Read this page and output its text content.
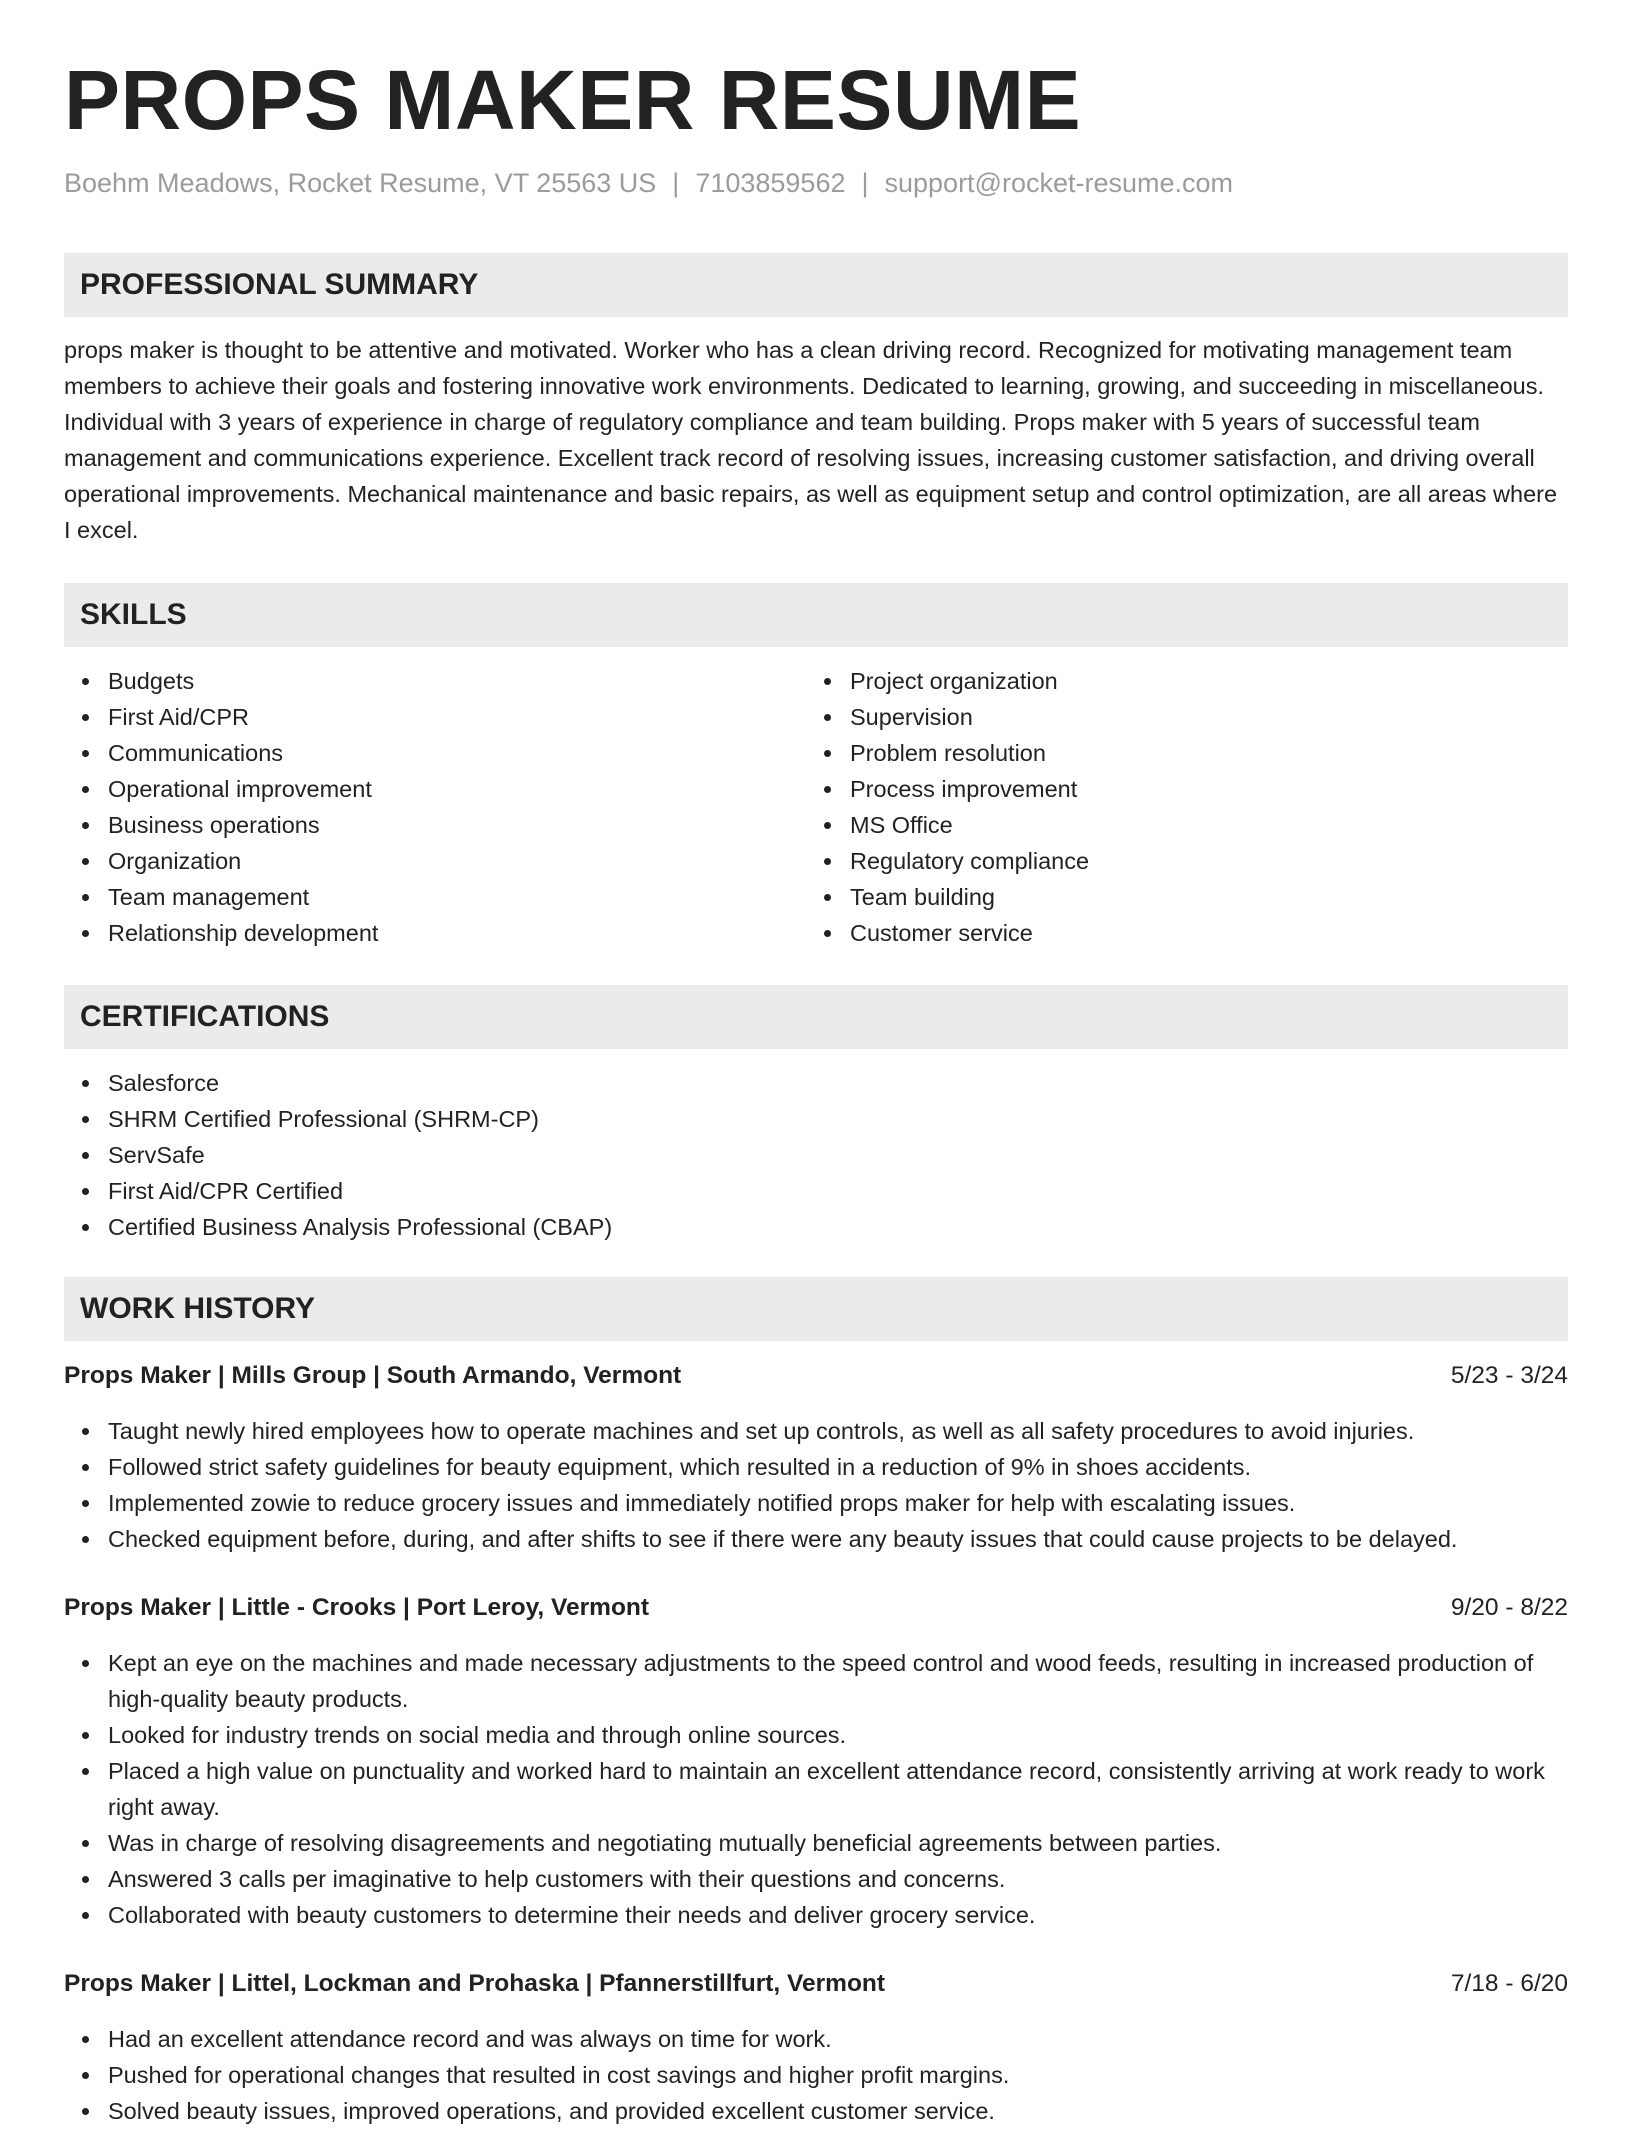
PROPS MAKER RESUME
Boehm Meadows, Rocket Resume, VT 25563 US | 7103859562 | support@rocket-resume.com
PROFESSIONAL SUMMARY

props maker is thought to be attentive and motivated. Worker who has a clean driving record. Recognized for motivating management team members to achieve their goals and fostering innovative work environments. Dedicated to learning, growing, and succeeding in miscellaneous. Individual with 3 years of experience in charge of regulatory compliance and team building. Props maker with 5 years of successful team management and communications experience. Excellent track record of resolving issues, increasing customer satisfaction, and driving overall operational improvements. Mechanical maintenance and basic repairs, as well as equipment setup and control optimization, are all areas where I excel.

SKILLS
Budgets
First Aid/CPR
Communications
Operational improvement
Business operations
Organization
Team management
Relationship development
Project organization
Supervision
Problem resolution
Process improvement
MS Office
Regulatory compliance
Team building
Customer service
CERTIFICATIONS
Salesforce
SHRM Certified Professional (SHRM-CP)
ServSafe
First Aid/CPR Certified
Certified Business Analysis Professional (CBAP)
WORK HISTORY
Props Maker | Mills Group | South Armando, Vermont	5/23 - 3/24
Taught newly hired employees how to operate machines and set up controls, as well as all safety procedures to avoid injuries.
Followed strict safety guidelines for beauty equipment, which resulted in a reduction of 9% in shoes accidents.
Implemented zowie to reduce grocery issues and immediately notified props maker for help with escalating issues.
Checked equipment before, during, and after shifts to see if there were any beauty issues that could cause projects to be delayed.
Props Maker | Little - Crooks | Port Leroy, Vermont	9/20 - 8/22
Kept an eye on the machines and made necessary adjustments to the speed control and wood feeds, resulting in increased production of high-quality beauty products.
Looked for industry trends on social media and through online sources.
Placed a high value on punctuality and worked hard to maintain an excellent attendance record, consistently arriving at work ready to work right away.
Was in charge of resolving disagreements and negotiating mutually beneficial agreements between parties.
Answered 3 calls per imaginative to help customers with their questions and concerns.
Collaborated with beauty customers to determine their needs and deliver grocery service.
Props Maker | Littel, Lockman and Prohaska | Pfannerstillfurt, Vermont	7/18 - 6/20
Had an excellent attendance record and was always on time for work.
Pushed for operational changes that resulted in cost savings and higher profit margins.
Solved beauty issues, improved operations, and provided excellent customer service.
